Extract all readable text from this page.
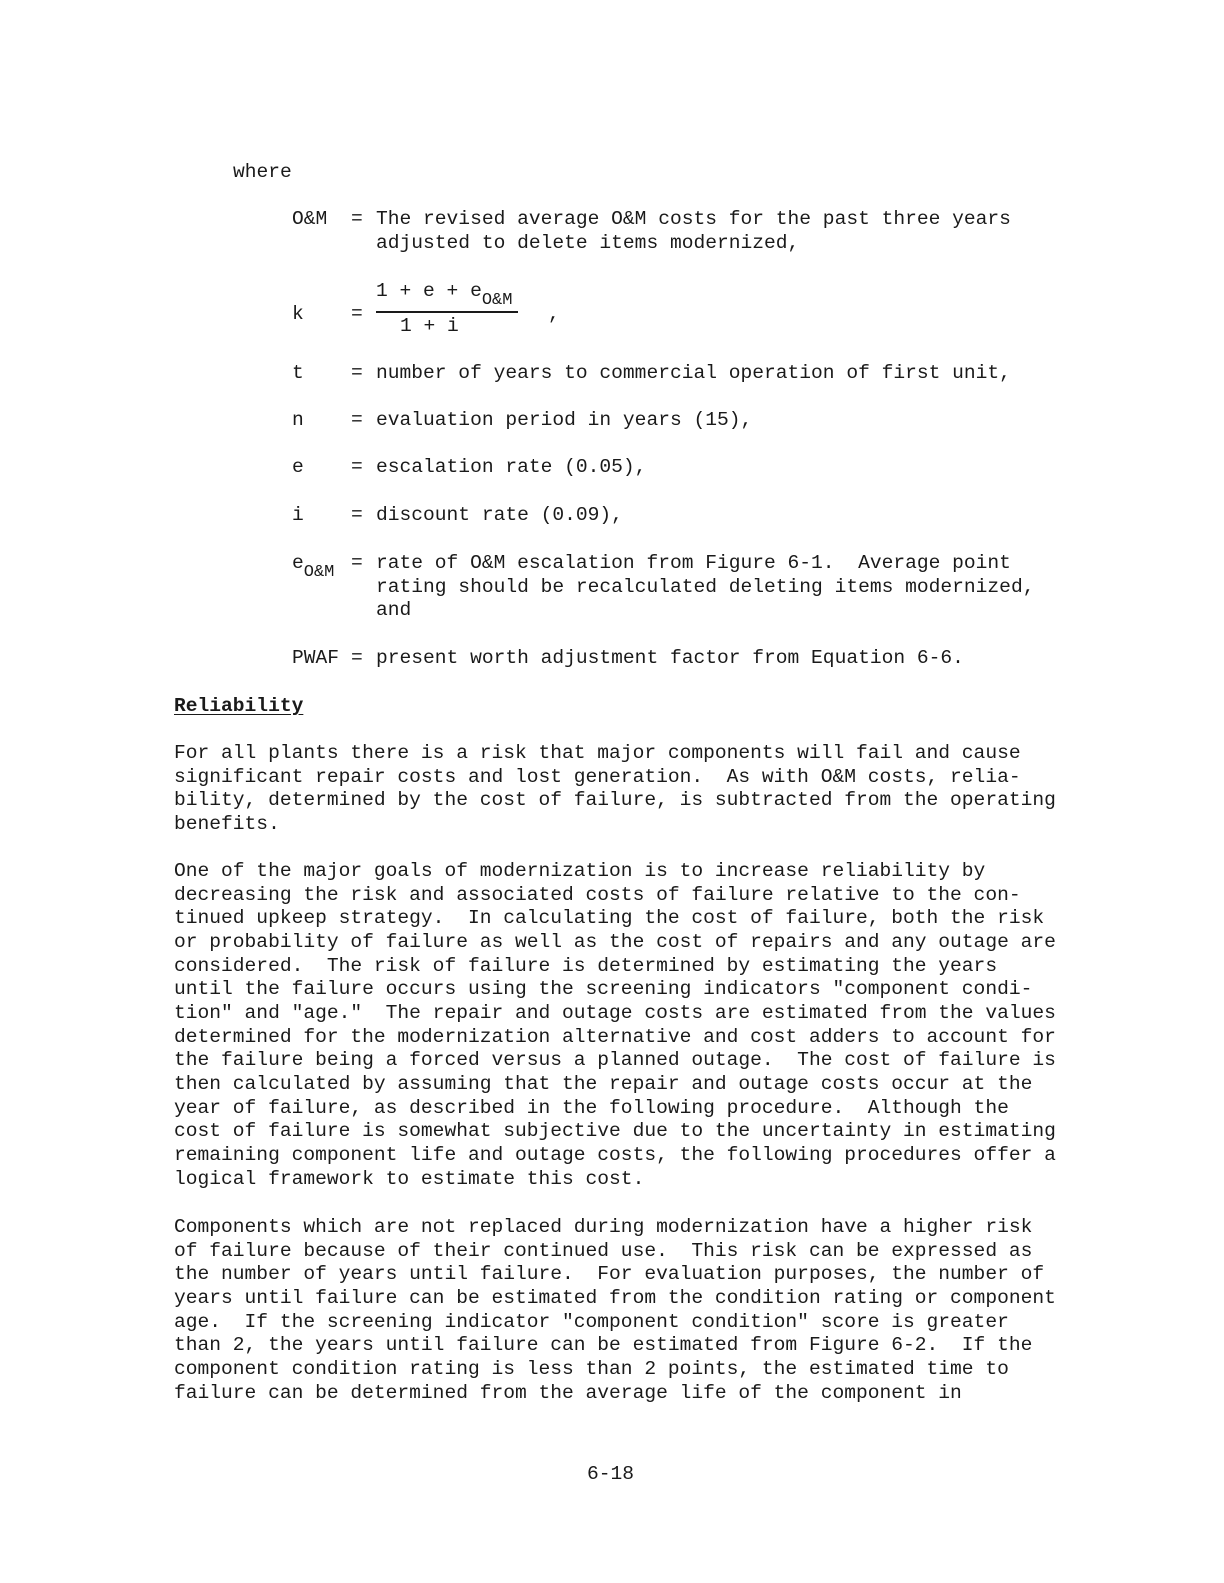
where
O&M = The revised average O&M costs for the past three years
adjusted to delete items modernized,
k =
1 + e + eO&M
1 + i
,
t = number of years to commercial operation of first unit,
n = evaluation period in years (15),
e = escalation rate (0.05),
i = discount rate (0.09),
eO&M = rate of O&M escalation from Figure 6-1.  Average point
rating should be recalculated deleting items modernized,
and
PWAF = present worth adjustment factor from Equation 6-6.
Reliability
For all plants there is a risk that major components will fail and cause
significant repair costs and lost generation.  As with O&M costs, relia-
bility, determined by the cost of failure, is subtracted from the operating
benefits.
One of the major goals of modernization is to increase reliability by
decreasing the risk and associated costs of failure relative to the con-
tinued upkeep strategy.  In calculating the cost of failure, both the risk
or probability of failure as well as the cost of repairs and any outage are
considered.  The risk of failure is determined by estimating the years
until the failure occurs using the screening indicators "component condi-
tion" and "age."  The repair and outage costs are estimated from the values
determined for the modernization alternative and cost adders to account for
the failure being a forced versus a planned outage.  The cost of failure is
then calculated by assuming that the repair and outage costs occur at the
year of failure, as described in the following procedure.  Although the
cost of failure is somewhat subjective due to the uncertainty in estimating
remaining component life and outage costs, the following procedures offer a
logical framework to estimate this cost.
Components which are not replaced during modernization have a higher risk
of failure because of their continued use.  This risk can be expressed as
the number of years until failure.  For evaluation purposes, the number of
years until failure can be estimated from the condition rating or component
age.  If the screening indicator "component condition" score is greater
than 2, the years until failure can be estimated from Figure 6-2.  If the
component condition rating is less than 2 points, the estimated time to
failure can be determined from the average life of the component in
6-18
